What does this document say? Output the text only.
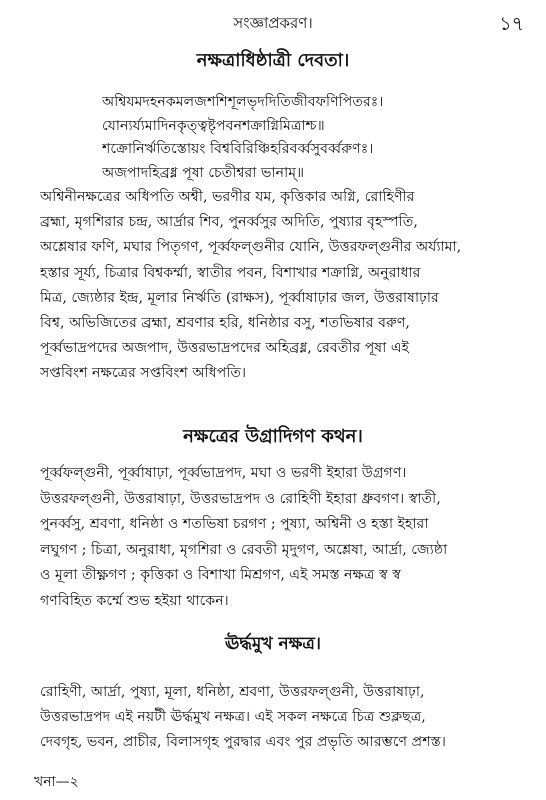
সংজ্ঞাপ্রকরণ।	১৭
নক্ষত্রাধিষ্ঠাত্রী দেবতা।
অশ্বিযমদহনকমলজশশিশূলভৃদদিতিজীবফণিপিতরঃ।
যোন্যর্য্যমাদিনকৃত্ত্বষ্টৃপবনশক্রাগ্নিমিত্রাশ্চ॥
শক্রোনির্ঋতিস্তোয়ং বিশ্ববিরিঞ্চিহরিবর্ব্বসুবর্ব্বরুণঃ।
অজপাদহিব্রধ্ন পূষা চেতীশ্বরা ভানাম্॥
অশ্বিনীনক্ষত্রের অধিপতি অশ্বী, ভরণীর যম, কৃত্তিকার অগ্নি, রোহিণীর
ব্রহ্মা, মৃগশিরার চন্দ্র, আর্দ্রার শিব, পুনর্ব্বসুর অদিতি, পুষ্যার বৃহস্পতি,
অশ্লেষার ফণি, মঘার পিতৃগণ, পূর্ব্বফল্গুনীর যোনি, উত্তরফল্গুনীর অর্য্যামা,
হস্তার সূর্য্য, চিত্রার বিশ্বকর্ম্মা, স্বাতীর পবন, বিশাখার শক্রাগ্নি, অনুরাধার
মিত্র, জ্যেষ্ঠার ইন্দ্র, মূলার নির্ঋতি (রাক্ষস), পূর্ব্বাষাঢ়ার জল, উত্তরাষাঢ়ার
বিশ্ব, অভিজিতের ব্রহ্মা, শ্রবণার হরি, ধনিষ্ঠার বসু, শতভিষার বরুণ,
পূর্ব্বভাদ্রপদের অজপাদ, উত্তরভাদ্রপদের অহিব্রধ্ন, রেবতীর পূষা এই
সপ্তবিংশ নক্ষত্রের সপ্তবিংশ অধিপতি।
নক্ষত্রের উগ্রাদিগণ কথন।
পূর্ব্বফল্গুনী, পূর্ব্বাষাঢ়া, পূর্ব্বভাদ্রপদ, মঘা ও ভরণী ইহারা উগ্রগণ।
উত্তরফল্গুনী, উত্তরাষাঢ়া, উত্তরভাদ্রপদ ও রোহিণী ইহারা ধ্রুবগণ। স্বাতী,
পুনর্ব্বসু, শ্রবণা, ধনিষ্ঠা ও শতভিষা চরগণ ; পুষ্যা, অশ্বিনী ও হস্তা ইহারা
লঘুগণ ; চিত্রা, অনুরাধা, মৃগশিরা ও রেবতী মৃদুগণ, অশ্লেষা, আর্দ্রা, জ্যেষ্ঠা
ও মূলা তীক্ষ্ণগণ ; কৃত্তিকা ও বিশাখা মিশ্রগণ, এই সমস্ত নক্ষত্র স্ব স্ব
গণবিহিত কর্ম্মে শুভ হইয়া থাকেন।
ঊর্দ্ধমুখ নক্ষত্র।
রোহিণী, আর্দ্রা, পুষ্যা, মূলা, ধনিষ্ঠা, শ্রবণা, উত্তরফল্গুনী, উত্তরাষাঢ়া,
উত্তরভাদ্রপদ এই নয়টী ঊর্দ্ধমুখ নক্ষত্র। এই সকল নক্ষত্রে চিত্র শুক্লছত্র,
দেবগৃহ, ভবন, প্রাচীর, বিলাসগৃহ পুরদ্বার এবং পুর প্রভৃতি আরম্ভণে প্রশস্ত।
খনা—২
